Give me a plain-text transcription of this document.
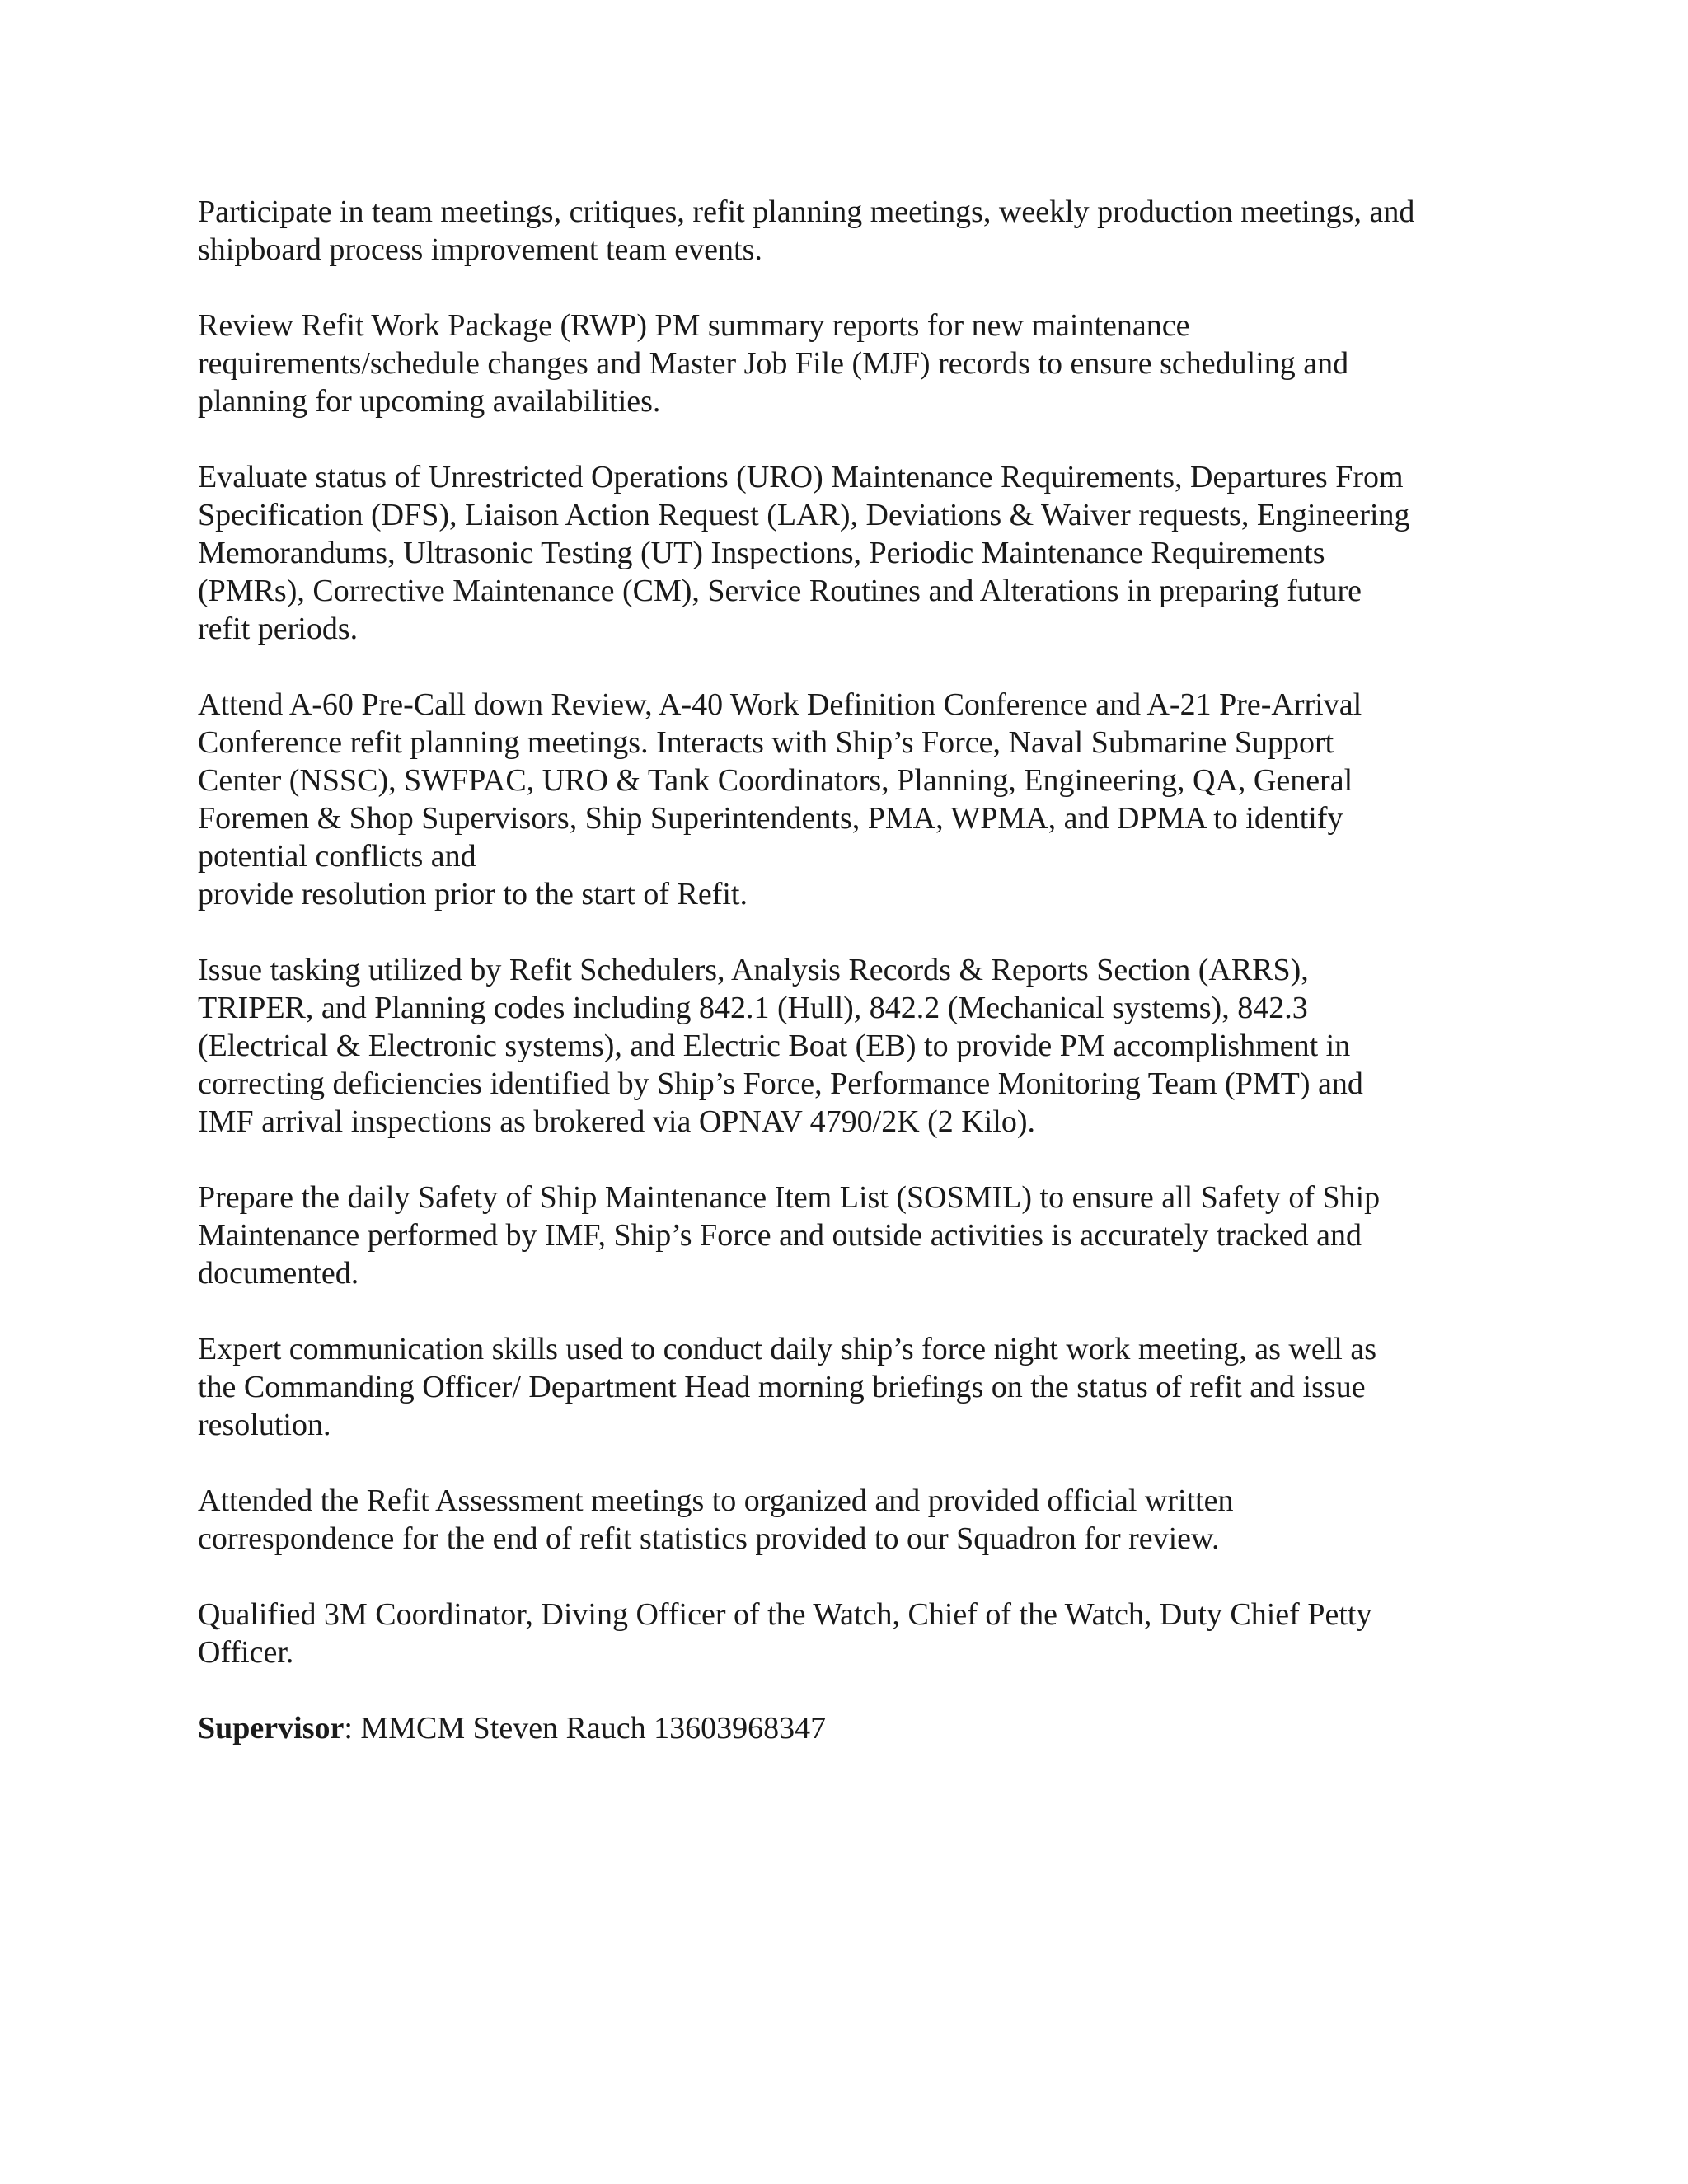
Participate in team meetings, critiques, refit planning meetings, weekly production meetings, and
shipboard process improvement team events.

Review Refit Work Package (RWP) PM summary reports for new maintenance
requirements/schedule changes and Master Job File (MJF) records to ensure scheduling and
planning for upcoming availabilities.

Evaluate status of Unrestricted Operations (URO) Maintenance Requirements, Departures From
Specification (DFS), Liaison Action Request (LAR), Deviations & Waiver requests, Engineering
Memorandums, Ultrasonic Testing (UT) Inspections, Periodic Maintenance Requirements
(PMRs), Corrective Maintenance (CM), Service Routines and Alterations in preparing future
refit periods.

Attend A-60 Pre-Call down Review, A-40 Work Definition Conference and A-21 Pre-Arrival
Conference refit planning meetings. Interacts with Ship’s Force, Naval Submarine Support
Center (NSSC), SWFPAC, URO & Tank Coordinators, Planning, Engineering, QA, General
Foremen & Shop Supervisors, Ship Superintendents, PMA, WPMA, and DPMA to identify
potential conflicts and
provide resolution prior to the start of Refit.

Issue tasking utilized by Refit Schedulers, Analysis Records & Reports Section (ARRS),
TRIPER, and Planning codes including 842.1 (Hull), 842.2 (Mechanical systems), 842.3
(Electrical & Electronic systems), and Electric Boat (EB) to provide PM accomplishment in
correcting deficiencies identified by Ship’s Force, Performance Monitoring Team (PMT) and
IMF arrival inspections as brokered via OPNAV 4790/2K (2 Kilo).

Prepare the daily Safety of Ship Maintenance Item List (SOSMIL) to ensure all Safety of Ship
Maintenance performed by IMF, Ship’s Force and outside activities is accurately tracked and
documented.

Expert communication skills used to conduct daily ship’s force night work meeting, as well as
the Commanding Officer/ Department Head morning briefings on the status of refit and issue
resolution.

Attended the Refit Assessment meetings to organized and provided official written
correspondence for the end of refit statistics provided to our Squadron for review.

Qualified 3M Coordinator, Diving Officer of the Watch, Chief of the Watch, Duty Chief Petty
Officer.

Supervisor: MMCM Steven Rauch 13603968347
